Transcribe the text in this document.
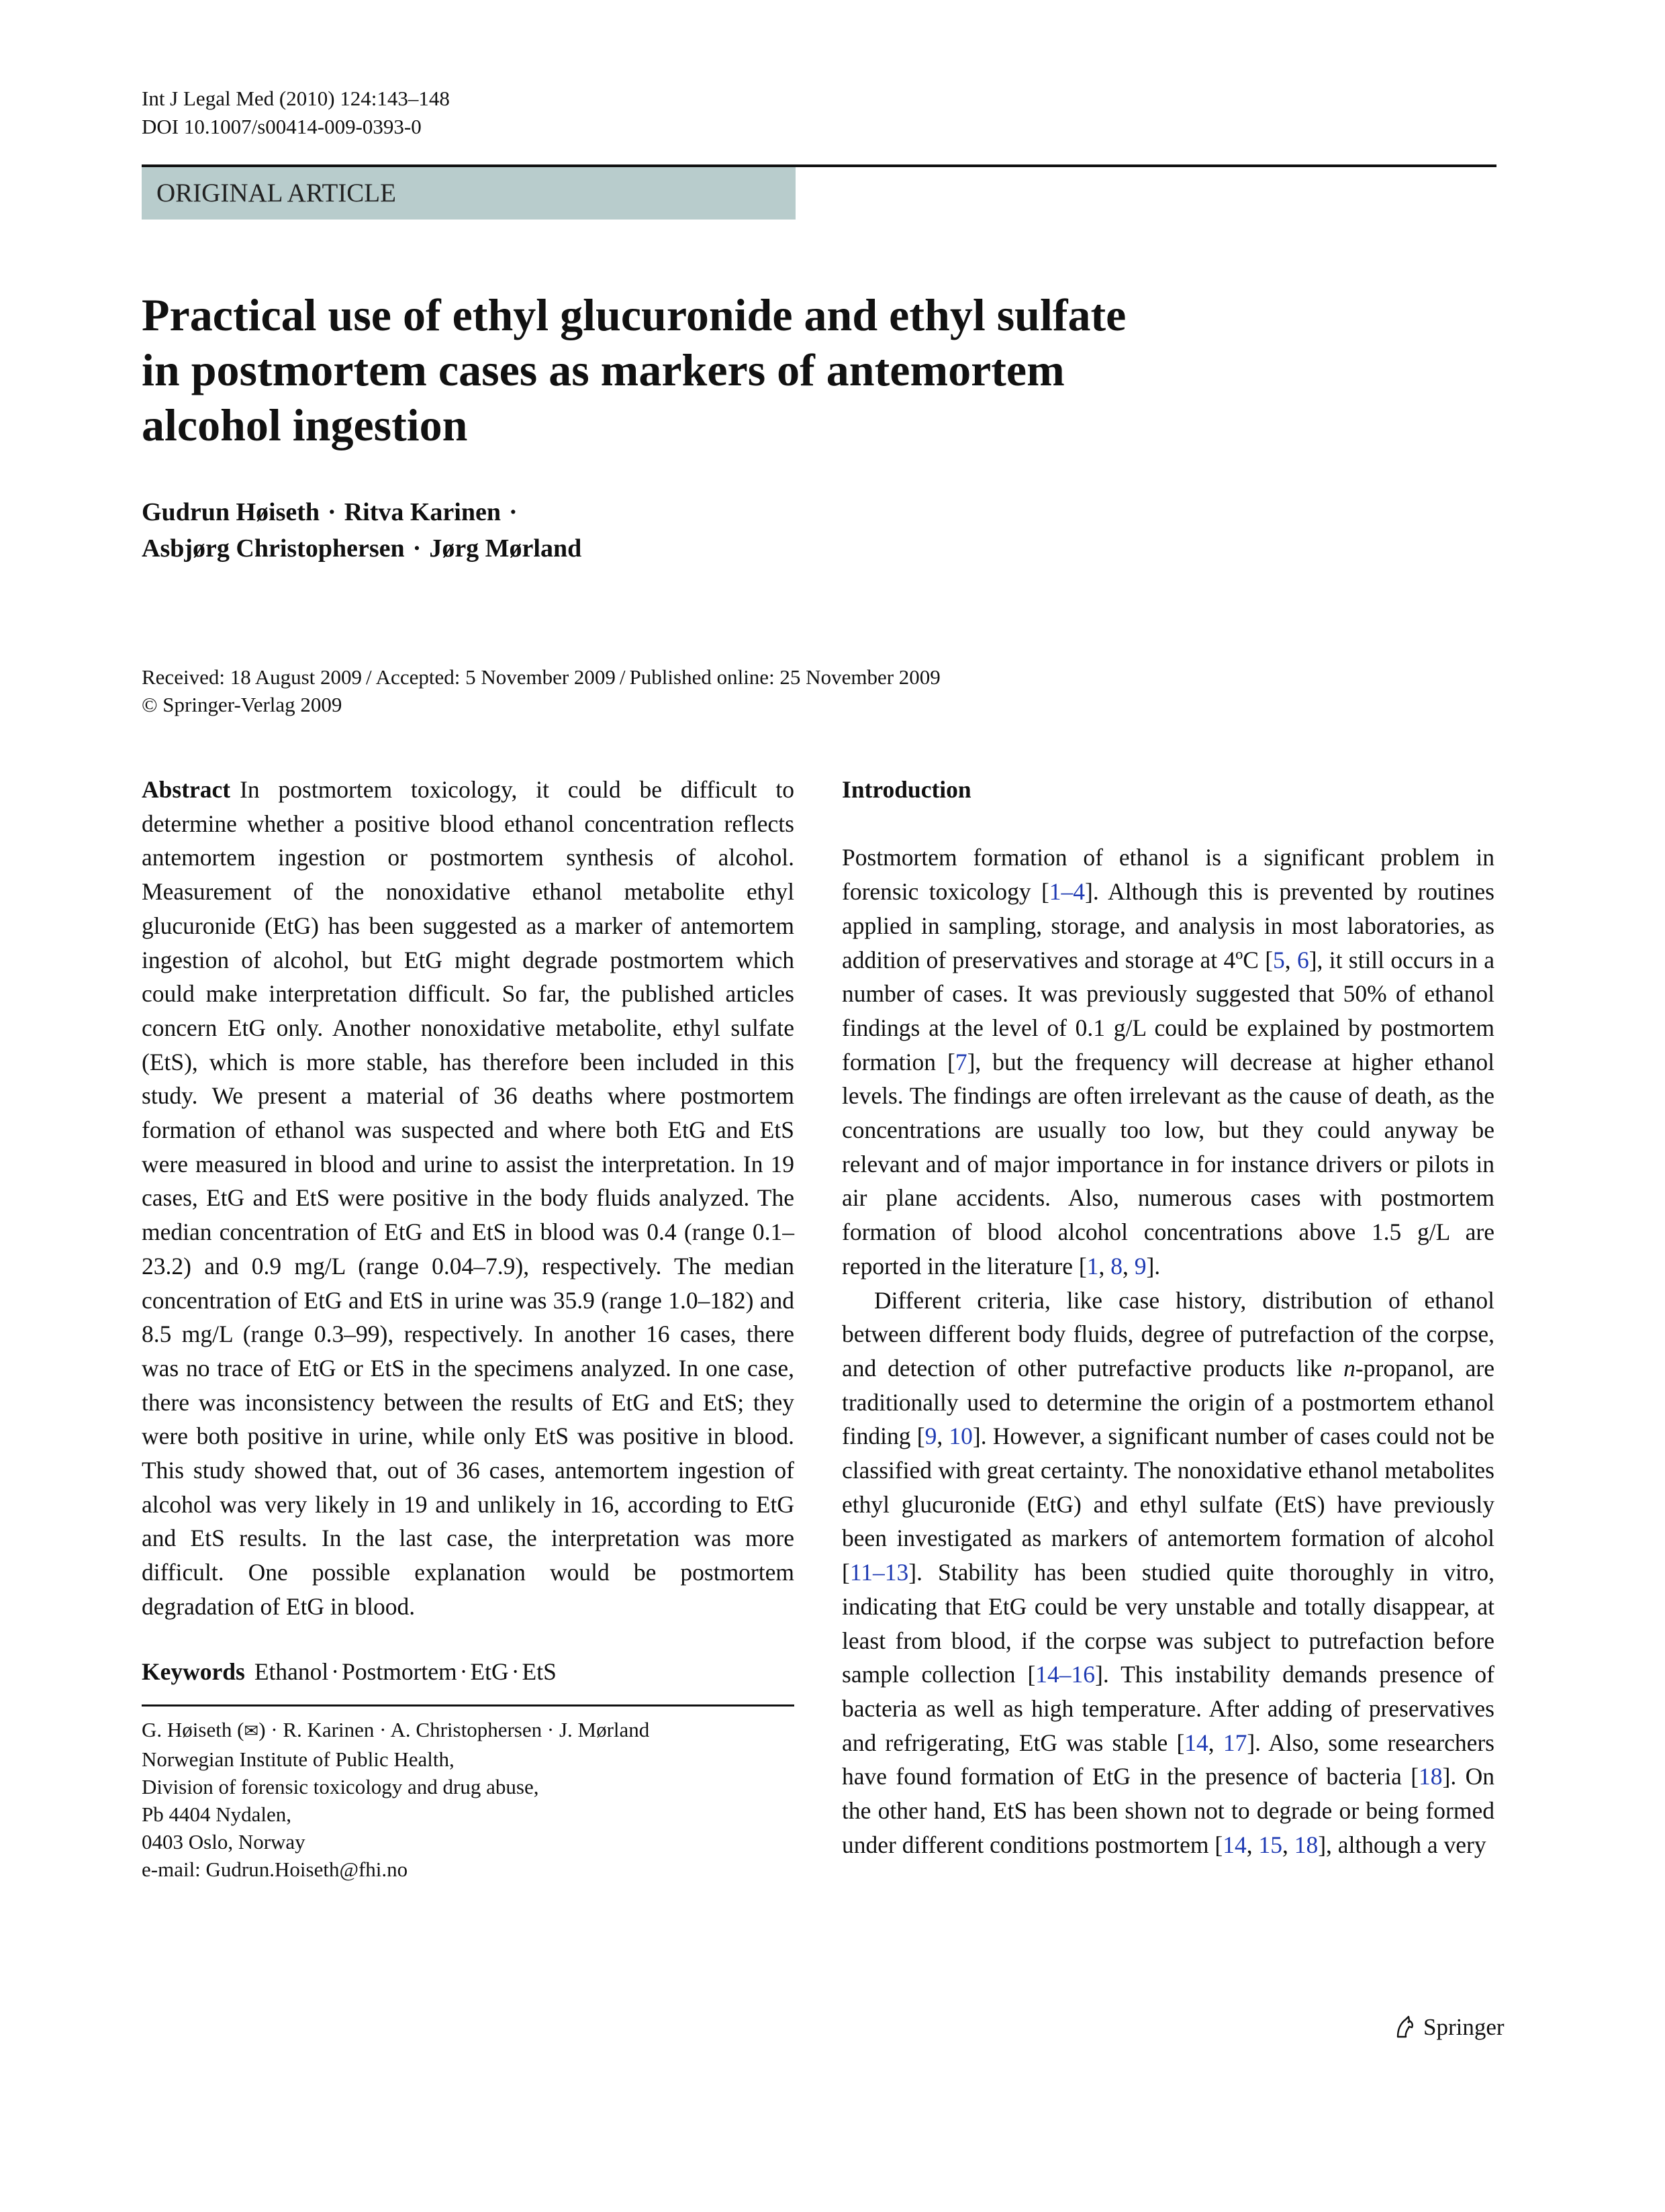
Int J Legal Med (2010) 124:143–148
DOI 10.1007/s00414-009-0393-0
ORIGINAL ARTICLE
Practical use of ethyl glucuronide and ethyl sulfate
in postmortem cases as markers of antemortem
alcohol ingestion
Gudrun Høiseth · Ritva Karinen ·
Asbjørg Christophersen · Jørg Mørland
Received: 18 August 2009 / Accepted: 5 November 2009 / Published online: 25 November 2009
© Springer-Verlag 2009

Abstract In postmortem toxicology, it could be difficult to determine whether a positive blood ethanol concentration reflects antemortem ingestion or postmortem synthesis of alcohol. Measurement of the nonoxidative ethanol metabolite ethyl glucuronide (EtG) has been suggested as a marker of antemortem ingestion of alcohol, but EtG might degrade postmortem which could make interpretation difficult. So far, the published articles concern EtG only. Another nonoxidative metabolite, ethyl sulfate (EtS), which is more stable, has therefore been included in this study. We present a material of 36 deaths where postmortem formation of ethanol was suspected and where both EtG and EtS were measured in blood and urine to assist the interpretation. In 19 cases, EtG and EtS were positive in the body fluids analyzed. The median concentration of EtG and EtS in blood was 0.4 (range 0.1–23.2) and 0.9 mg/L (range 0.04–7.9), respectively. The median concentration of EtG and EtS in urine was 35.9 (range 1.0–182) and 8.5 mg/L (range 0.3–99), respectively. In another 16 cases, there was no trace of EtG or EtS in the specimens analyzed. In one case, there was inconsistency between the results of EtG and EtS; they were both positive in urine, while only EtS was positive in blood. This study showed that, out of 36 cases, antemortem ingestion of alcohol was very likely in 19 and unlikely in 16, according to EtG and EtS results. In the last case, the interpretation was more difficult. One possible explanation would be postmortem degradation of EtG in blood.

Keywords Ethanol · Postmortem · EtG · EtS

G. Høiseth (✉) · R. Karinen · A. Christophersen · J. Mørland
Norwegian Institute of Public Health,
Division of forensic toxicology and drug abuse,
Pb 4404 Nydalen,
0403 Oslo, Norway
e-mail: Gudrun.Hoiseth@fhi.no

Introduction

Postmortem formation of ethanol is a significant problem in forensic toxicology [1–4]. Although this is prevented by routines applied in sampling, storage, and analysis in most laboratories, as addition of preservatives and storage at 4ºC [5, 6], it still occurs in a number of cases. It was previously suggested that 50% of ethanol findings at the level of 0.1 g/L could be explained by postmortem formation [7], but the frequency will decrease at higher ethanol levels. The findings are often irrelevant as the cause of death, as the concentrations are usually too low, but they could anyway be relevant and of major importance in for instance drivers or pilots in air plane accidents. Also, numerous cases with postmortem formation of blood alcohol concentrations above 1.5 g/L are reported in the literature [1, 8, 9].

Different criteria, like case history, distribution of ethanol between different body fluids, degree of putrefaction of the corpse, and detection of other putrefactive products like n-propanol, are traditionally used to determine the origin of a postmortem ethanol finding [9, 10]. However, a significant number of cases could not be classified with great certainty. The nonoxidative ethanol metabolites ethyl glucuronide (EtG) and ethyl sulfate (EtS) have previously been investigated as markers of antemortem formation of alcohol [11–13]. Stability has been studied quite thoroughly in vitro, indicating that EtG could be very unstable and totally disappear, at least from blood, if the corpse was subject to putrefaction before sample collection [14–16]. This instability demands presence of bacteria as well as high temperature. After adding of preservatives and refrigerating, EtG was stable [14, 17]. Also, some researchers have found formation of EtG in the presence of bacteria [18]. On the other hand, EtS has been shown not to degrade or being formed under different conditions postmortem [14, 15, 18], although a very

Springer
